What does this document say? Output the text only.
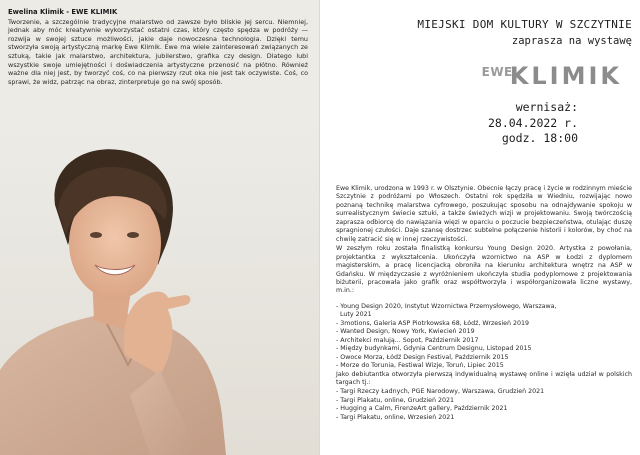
Ewelina Klimik - EWE KLIMIK
Tworzenie, a szczególnie tradycyjne malarstwo od zawsze było bliskie jej sercu. Niemniej, jednak aby móc kreatywnie wykorzystać ostatni czas, który często spędza w podróży — rozwija w swojej sztuce możliwości, jakie daje nowoczesna technologia. Dzięki temu stworzyła swoją artystyczną markę Ewe Klimik. Ewe ma wiele zainteresowań związanych ze sztuką, takie jak malarstwo, architektura, jubilerstwo, grafika czy design. Dlatego lubi wszystkie swoje umiejętności i doświadczenia artystyczne przenosić na płótno. Również ważne dla niej jest, by tworzyć coś, co na pierwszy rzut oka nie jest tak oczywiste. Coś, co sprawi, że widz, patrząc na obraz, zinterpretuje go na swój sposób.
MIEJSKI DOM KULTURY W SZCZYTNIE
zaprasza na wystawę
EWEKLIMIK
wernisaż:
28.04.2022 r.
godz. 18:00

Ewe Klimik, urodzona w 1993 r. w Olsztynie. Obecnie łączy pracę i życie w rodzinnym mieście Szczytnie z podróżami po Włoszech. Ostatni rok spędziła w Wiedniu, rozwijając nowo poznaną technikę malarstwa cyfrowego, poszukując sposobu na odnajdywanie spokoju w surrealistycznym świecie sztuki, a także świeżych wizji w projektowaniu. Swoją twórczością zaprasza odbiorcę do nawiązania więzi w oparciu o poczucie bezpieczeństwa, otulając duszę spragnionej czułości. Daje szansę dostrzec subtelne połączenie historii i kolorów, by choć na chwilę zatracić się w innej rzeczywistości.

W zeszłym roku została finalistką konkursu Young Design 2020. Artystka z powołania, projektantka z wykształcenia. Ukończyła wzornictwo na ASP w Łodzi z dyplomem magisterskim, a pracę licencjacką obroniła na kierunku architektura wnętrz na ASP w Gdańsku. W międzyczasie z wyróżnieniem ukończyła studia podyplomowe z projektowania biżuterii, pracowała jako grafik oraz współtworzyła i współorganizowała liczne wystawy, m.in.:

- Young Design 2020, Instytut Wzornictwa Przemysłowego, Warszawa,
Luty 2021
- 3motions, Galeria ASP Piotrkowska 68, Łódź, Wrzesień 2019
- Wanted Design, Nowy York, Kwiecień 2019
- Architekci malują... Sopot, Październik 2017
- Między budynkami, Gdynia Centrum Designu, Listopad 2015
- Owoce Morza, Łódź Design Festival, Październik 2015
- Morze do Torunia, Festiwal Wizje, Toruń, Lipiec 2015

Jako debiutantka otworzyła pierwszą indywidualną wystawę online i wzięła udział w polskich targach tj.:

- Targi Rzeczy Ładnych, PGE Narodowy, Warszawa, Grudzień 2021
- Targi Plakatu, online, Grudzień 2021
- Hugging a Calm, FirenzeArt gallery, Październik 2021
- Targi Plakatu, online, Wrzesień 2021
